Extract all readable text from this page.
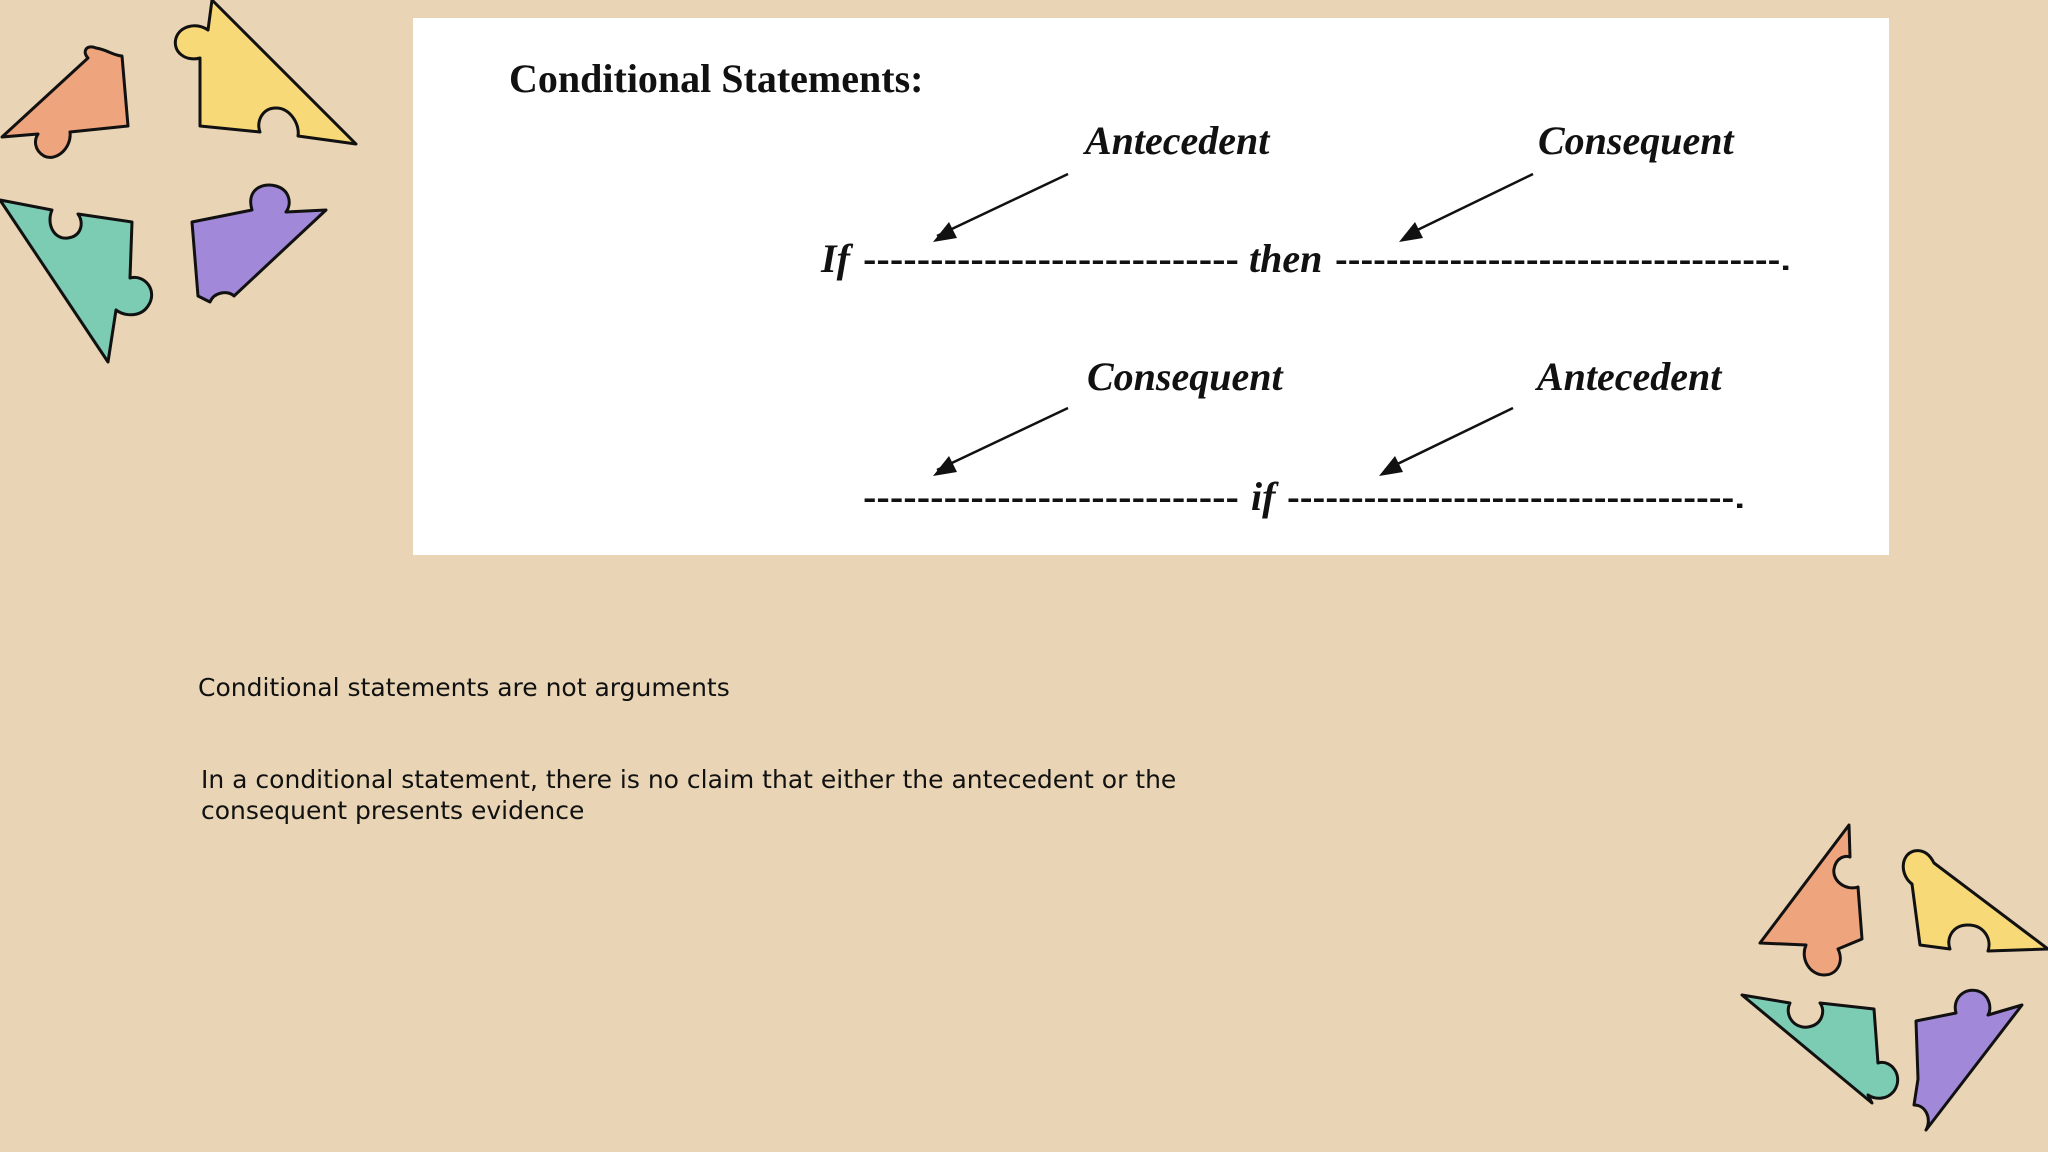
Conditional Statements:
Antecedent	Consequent
If ---------------------------- then -----------------------------------.
Consequent	Antecedent
---------------------------- if -----------------------------------.
Conditional statements are not arguments
In a conditional statement, there is no claim that either the antecedent or the consequent presents evidence
